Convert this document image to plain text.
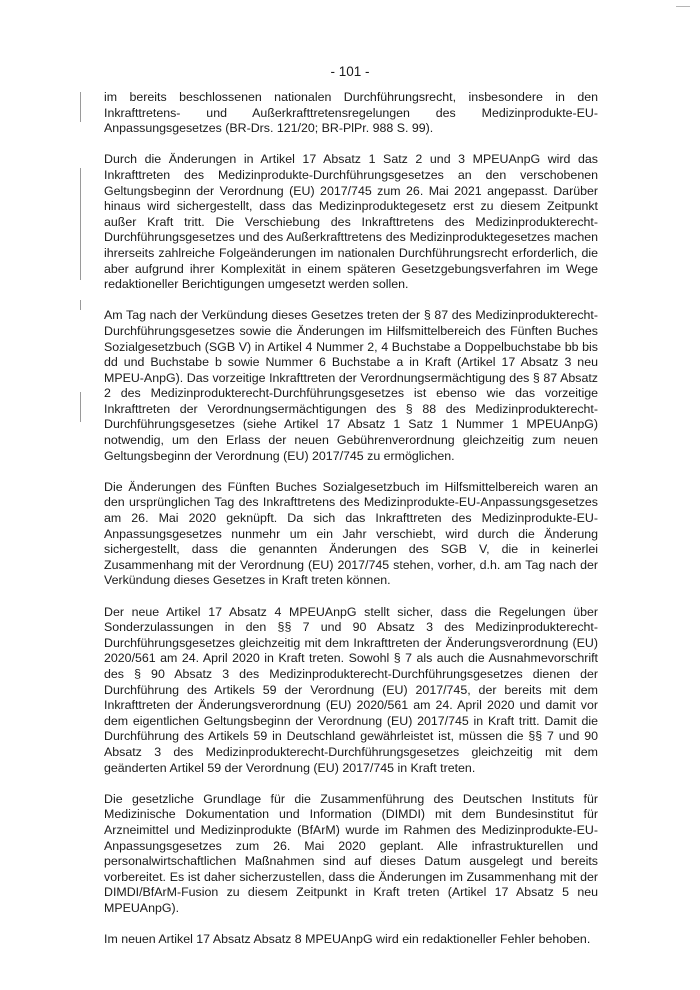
- 101 -

im bereits beschlossenen nationalen Durchführungsrecht, insbesondere in den Inkrafttretens- und Außerkrafttretensregelungen des Medizinprodukte-EU-Anpassungsgesetzes (BR-Drs. 121/20; BR-PlPr. 988 S. 99).

Durch die Änderungen in Artikel 17 Absatz 1 Satz 2 und 3 MPEUAnpG wird das Inkrafttreten des Medizinprodukte-Durchführungsgesetzes an den verschobenen Geltungsbeginn der Verordnung (EU) 2017/745 zum 26. Mai 2021 angepasst. Darüber hinaus wird sichergestellt, dass das Medizinproduktegesetz erst zu diesem Zeitpunkt außer Kraft tritt. Die Verschiebung des Inkrafttretens des Medizinprodukterecht-Durchführungsgesetzes und des Außerkrafttretens des Medizinproduktegesetzes machen ihrerseits zahlreiche Folgeänderungen im nationalen Durchführungsrecht erforderlich, die aber aufgrund ihrer Komplexität in einem späteren Gesetzgebungsverfahren im Wege redaktioneller Berichtigungen umgesetzt werden sollen.

Am Tag nach der Verkündung dieses Gesetzes treten der § 87 des Medizinprodukterecht-Durchführungsgesetzes sowie die Änderungen im Hilfsmittelbereich des Fünften Buches Sozialgesetzbuch (SGB V) in Artikel 4 Nummer 2, 4 Buchstabe a Doppelbuchstabe bb bis dd und Buchstabe b sowie Nummer 6 Buchstabe a in Kraft (Artikel 17 Absatz 3 neu MPEU-AnpG). Das vorzeitige Inkrafttreten der Verordnungsermächtigung des § 87 Absatz 2 des Medizinprodukterecht-Durchführungsgesetzes ist ebenso wie das vorzeitige Inkrafttreten der Verordnungsermächtigungen des § 88 des Medizinprodukterecht-Durchführungsgesetzes (siehe Artikel 17 Absatz 1 Satz 1 Nummer 1 MPEUAnpG) notwendig, um den Erlass der neuen Gebührenverordnung gleichzeitig zum neuen Geltungsbeginn der Verordnung (EU) 2017/745 zu ermöglichen.

Die Änderungen des Fünften Buches Sozialgesetzbuch im Hilfsmittelbereich waren an den ursprünglichen Tag des Inkrafttretens des Medizinprodukte-EU-Anpassungsgesetzes am 26. Mai 2020 geknüpft. Da sich das Inkrafttreten des Medizinprodukte-EU-Anpassungsgesetzes nunmehr um ein Jahr verschiebt, wird durch die Änderung sichergestellt, dass die genannten Änderungen des SGB V, die in keinerlei Zusammenhang mit der Verordnung (EU) 2017/745 stehen, vorher, d.h. am Tag nach der Verkündung dieses Gesetzes in Kraft treten können.

Der neue Artikel 17 Absatz 4 MPEUAnpG stellt sicher, dass die Regelungen über Sonderzulassungen in den §§ 7 und 90 Absatz 3 des Medizinprodukterecht-Durchführungsgesetzes gleichzeitig mit dem Inkrafttreten der Änderungsverordnung (EU) 2020/561 am 24. April 2020 in Kraft treten. Sowohl § 7 als auch die Ausnahmevorschrift des § 90 Absatz 3 des Medizinprodukterecht-Durchführungsgesetzes dienen der Durchführung des Artikels 59 der Verordnung (EU) 2017/745, der bereits mit dem Inkrafttreten der Änderungsverordnung (EU) 2020/561 am 24. April 2020 und damit vor dem eigentlichen Geltungsbeginn der Verordnung (EU) 2017/745 in Kraft tritt. Damit die Durchführung des Artikels 59 in Deutschland gewährleistet ist, müssen die §§ 7 und 90 Absatz 3 des Medizinprodukterecht-Durchführungsgesetzes gleichzeitig mit dem geänderten Artikel 59 der Verordnung (EU) 2017/745 in Kraft treten.

Die gesetzliche Grundlage für die Zusammenführung des Deutschen Instituts für Medizinische Dokumentation und Information (DIMDI) mit dem Bundesinstitut für Arzneimittel und Medizinprodukte (BfArM) wurde im Rahmen des Medizinprodukte-EU-Anpassungsgesetzes zum 26. Mai 2020 geplant. Alle infrastrukturellen und personalwirtschaftlichen Maßnahmen sind auf dieses Datum ausgelegt und bereits vorbereitet. Es ist daher sicherzustellen, dass die Änderungen im Zusammenhang mit der DIMDI/BfArM-Fusion zu diesem Zeitpunkt in Kraft treten (Artikel 17 Absatz 5 neu MPEUAnpG).

Im neuen Artikel 17 Absatz Absatz 8 MPEUAnpG wird ein redaktioneller Fehler behoben.
